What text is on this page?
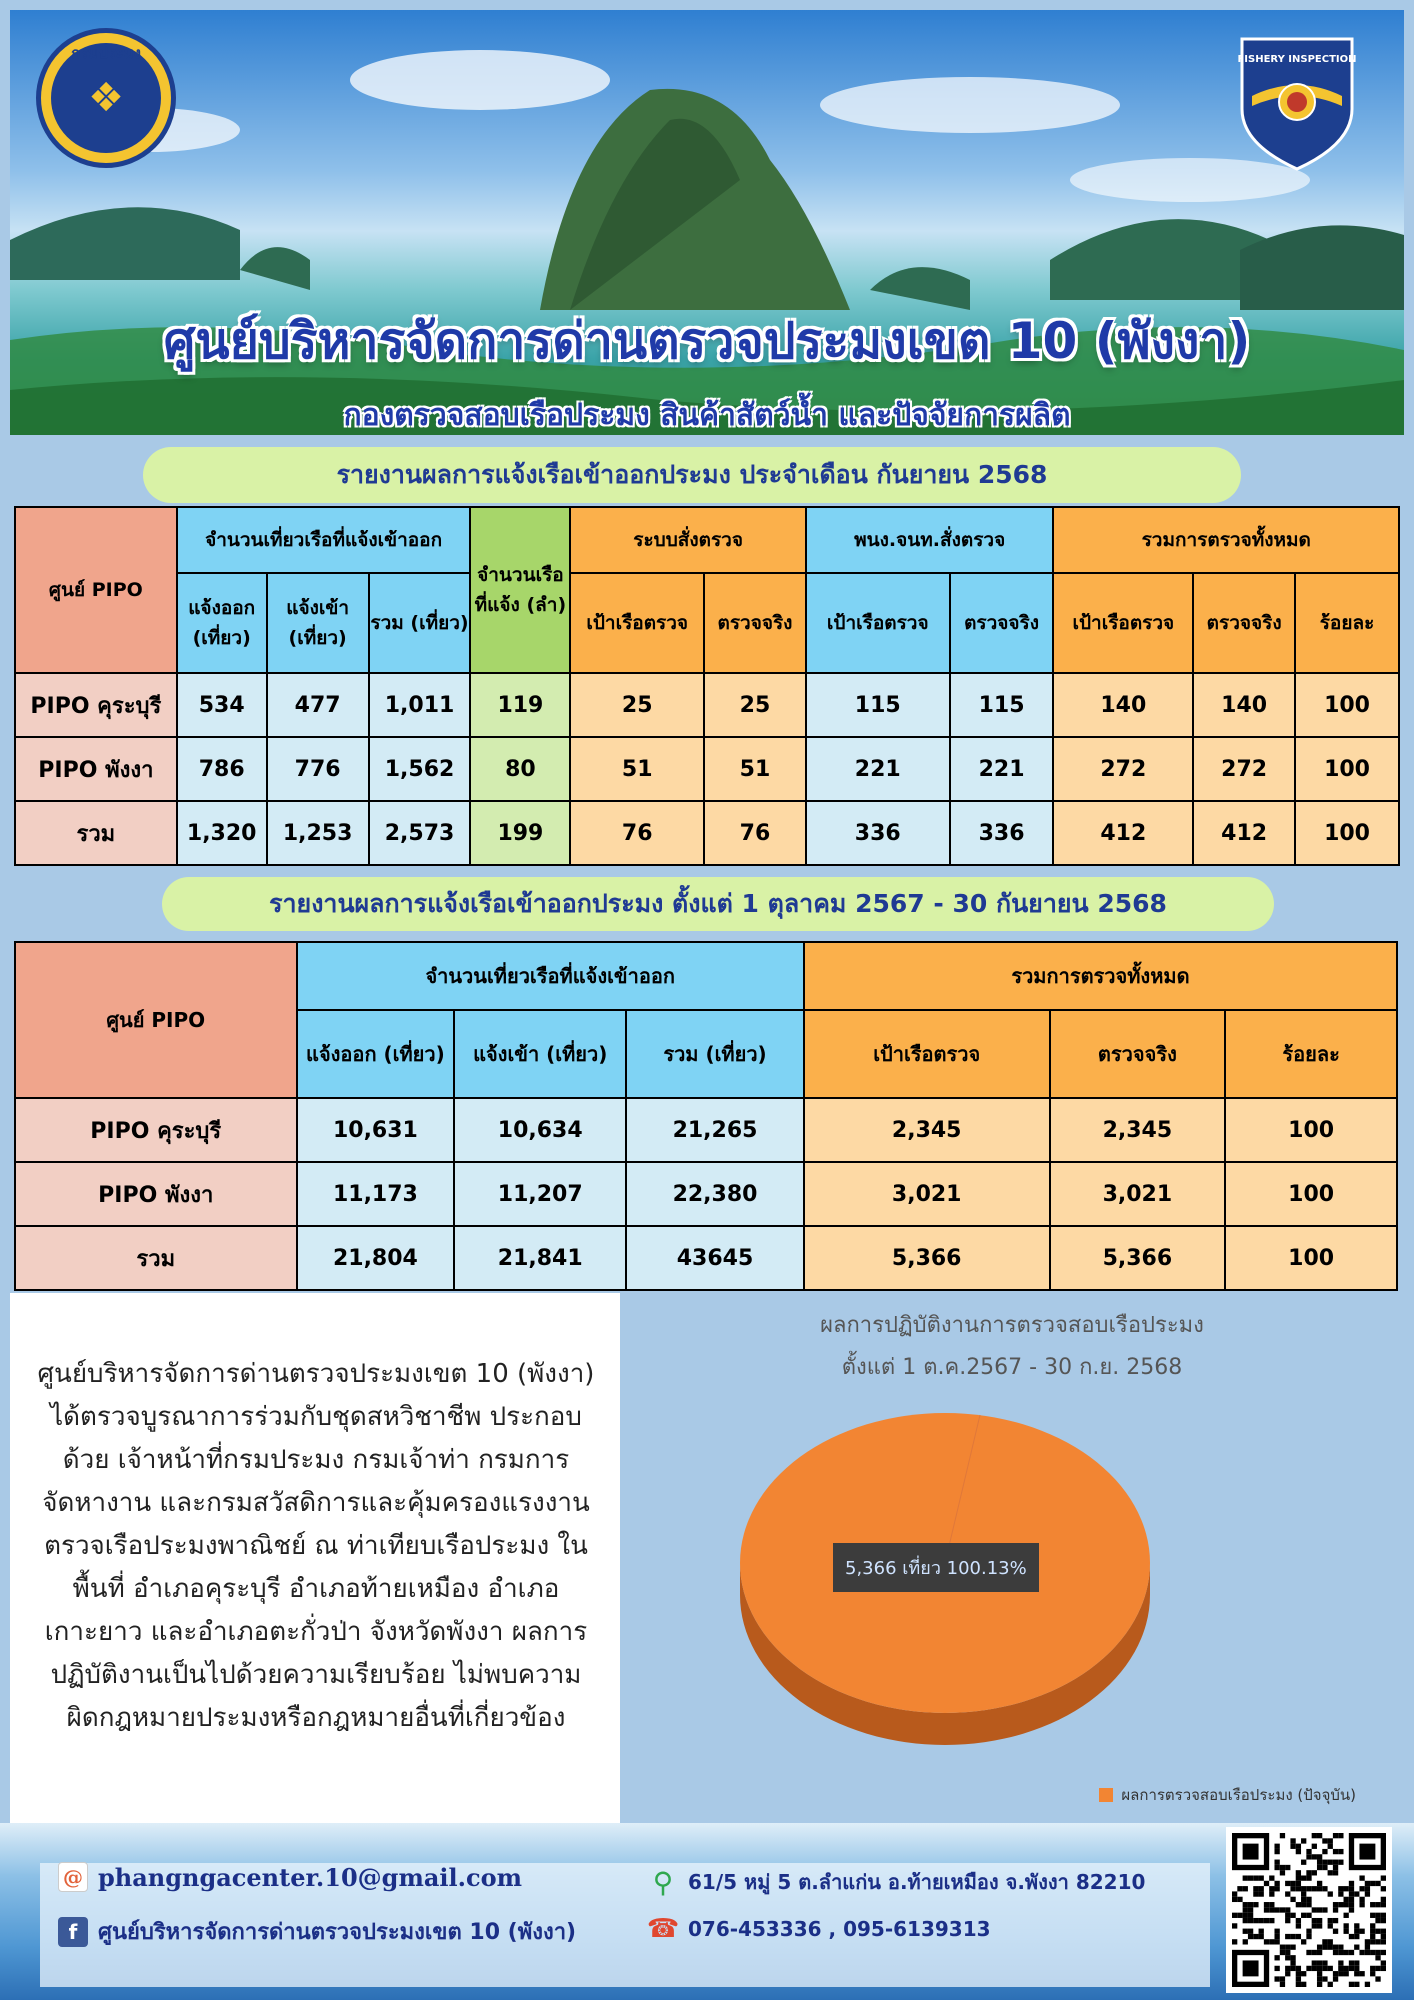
กรมประมง
❖
FISHERY INSPECTION
ศูนย์บริหารจัดการด่านตรวจประมงเขต 10 (พังงา)
กองตรวจสอบเรือประมง สินค้าสัตว์น้ำ และปัจจัยการผลิต
รายงานผลการแจ้งเรือเข้าออกประมง ประจำเดือน กันยายน 2568
ศูนย์ PIPO	จำนวนเที่ยวเรือที่แจ้งเข้าออก			จำนวนเรือที่แจ้ง (ลำ)	ระบบสั่งตรวจ		พนง.จนท.สั่งตรวจ		รวมการตรวจทั้งหมด		
	แจ้งออก (เที่ยว)	แจ้งเข้า (เที่ยว)	รวม (เที่ยว)		เป้าเรือตรวจ	ตรวจจริง	เป้าเรือตรวจ	ตรวจจริง	เป้าเรือตรวจ	ตรวจจริง	ร้อยละ
PIPO คุระบุรี	534	477	1,011	119	25	25	115	115	140	140	100
PIPO พังงา	786	776	1,562	80	51	51	221	221	272	272	100
รวม	1,320	1,253	2,573	199	76	76	336	336	412	412	100
รายงานผลการแจ้งเรือเข้าออกประมง ตั้งแต่ 1 ตุลาคม 2567 - 30 กันยายน 2568
ศูนย์ PIPO	จำนวนเที่ยวเรือที่แจ้งเข้าออก			รวมการตรวจทั้งหมด		
	แจ้งออก (เที่ยว)	แจ้งเข้า (เที่ยว)	รวม (เที่ยว)	เป้าเรือตรวจ	ตรวจจริง	ร้อยละ
PIPO คุระบุรี	10,631	10,634	21,265	2,345	2,345	100
PIPO พังงา	11,173	11,207	22,380	3,021	3,021	100
รวม	21,804	21,841	43645	5,366	5,366	100

ศูนย์บริหารจัดการด่านตรวจประมงเขต 10 (พังงา) ได้ตรวจบูรณาการร่วมกับชุดสหวิชาชีพ ประกอบด้วย เจ้าหน้าที่กรมประมง กรมเจ้าท่า กรมการจัดหางาน และกรมสวัสดิการและคุ้มครองแรงงานตรวจเรือประมงพาณิชย์ ณ ท่าเทียบเรือประมง ในพื้นที่ อำเภอคุระบุรี อำเภอท้ายเหมือง อำเภอเกาะยาว และอำเภอตะกั่วป่า จังหวัดพังงา ผลการปฏิบัติงานเป็นไปด้วยความเรียบร้อย ไม่พบความผิดกฎหมายประมงหรือกฎหมายอื่นที่เกี่ยวข้อง

ผลการปฏิบัติงานการตรวจสอบเรือประมง
ตั้งแต่ 1 ต.ค.2567 - 30 ก.ย. 2568
5,366 เที่ยว 100.13%
ผลการตรวจสอบเรือประมง (ปัจจุบัน)
@ phangngacenter.10@gmail.com
f ศูนย์บริหารจัดการด่านตรวจประมงเขต 10 (พังงา)
⚲ 61/5 หมู่ 5 ต.ลำแก่น อ.ท้ายเหมือง จ.พังงา 82210
☎ 076-453336 , 095-6139313
